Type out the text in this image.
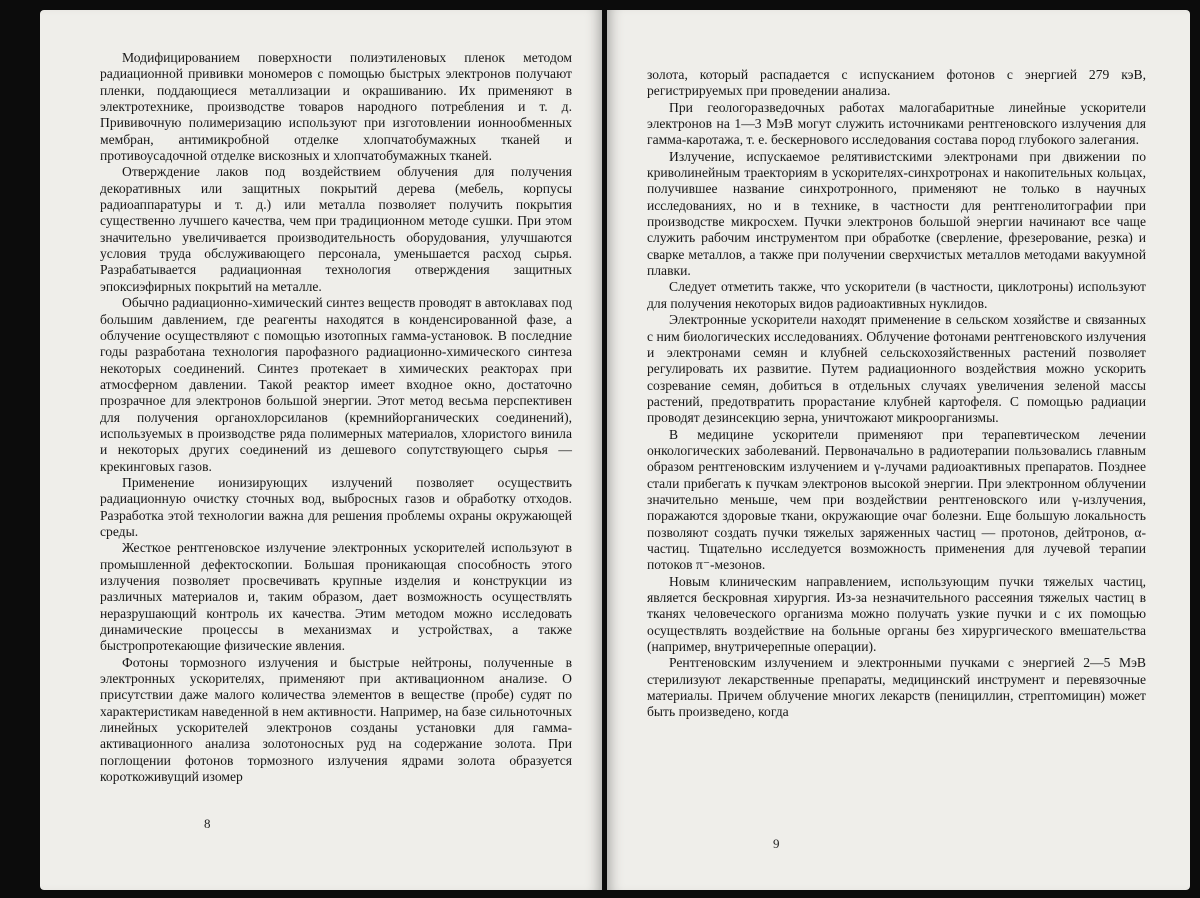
Модифицированием поверхности полиэтиленовых пленок методом радиационной прививки мономеров с помощью быстрых электронов получают пленки, поддающиеся металлизации и окрашиванию. Их применяют в электротехнике, производстве товаров народного потребления и т. д. Прививочную полимеризацию используют при изготовлении ионнообменных мембран, антимикробной отделке хлопчатобумажных тканей и противоусадочной отделке вискозных и хлопчатобумажных тканей.

Отверждение лаков под воздействием облучения для получения декоративных или защитных покрытий дерева (мебель, корпусы радиоаппаратуры и т. д.) или металла позволяет получить покрытия существенно лучшего качества, чем при традиционном методе сушки. При этом значительно увеличивается производительность оборудования, улучшаются условия труда обслуживающего персонала, уменьшается расход сырья. Разрабатывается радиационная технология отверждения защитных эпоксиэфирных покрытий на металле.

Обычно радиационно-химический синтез веществ проводят в автоклавах под большим давлением, где реагенты находятся в конденсированной фазе, а облучение осуществляют с помощью изотопных гамма-установок. В последние годы разработана технология парофазного радиационно-химического синтеза некоторых соединений. Синтез протекает в химических реакторах при атмосферном давлении. Такой реактор имеет входное окно, достаточно прозрачное для электронов большой энергии. Этот метод весьма перспективен для получения органохлорсиланов (кремнийорганических соединений), используемых в производстве ряда полимерных материалов, хлористого винила и некоторых других соединений из дешевого сопутствующего сырья — крекинговых газов.

Применение ионизирующих излучений позволяет осуществить радиационную очистку сточных вод, выбросных газов и обработку отходов. Разработка этой технологии важна для решения проблемы охраны окружающей среды.

Жесткое рентгеновское излучение электронных ускорителей используют в промышленной дефектоскопии. Большая проникающая способность этого излучения позволяет просвечивать крупные изделия и конструкции из различных материалов и, таким образом, дает возможность осуществлять неразрушающий контроль их качества. Этим методом можно исследовать динамические процессы в механизмах и устройствах, а также быстропротекающие физические явления.

Фотоны тормозного излучения и быстрые нейтроны, полученные в электронных ускорителях, применяют при активационном анализе. О присутствии даже малого количества элементов в веществе (пробе) судят по характеристикам наведенной в нем активности. Например, на базе сильноточных линейных ускорителей электронов созданы установки для гамма-активационного анализа золотоносных руд на содержание золота. При поглощении фотонов тормозного излучения ядрами золота образуется короткоживущий изомер

8

золота, который распадается с испусканием фотонов с энергией 279 кэВ, регистрируемых при проведении анализа.

При геологоразведочных работах малогабаритные линейные ускорители электронов на 1—3 МэВ могут служить источниками рентгеновского излучения для гамма-каротажа, т. е. бескернового исследования состава пород глубокого залегания.

Излучение, испускаемое релятивистскими электронами при движении по криволинейным траекториям в ускорителях-синхротронах и накопительных кольцах, получившее название синхротронного, применяют не только в научных исследованиях, но и в технике, в частности для рентгенолитографии при производстве микросхем. Пучки электронов большой энергии начинают все чаще служить рабочим инструментом при обработке (сверление, фрезерование, резка) и сварке металлов, а также при получении сверхчистых металлов методами вакуумной плавки.

Следует отметить также, что ускорители (в частности, циклотроны) используют для получения некоторых видов радиоактивных нуклидов.

Электронные ускорители находят применение в сельском хозяйстве и связанных с ним биологических исследованиях. Облучение фотонами рентгеновского излучения и электронами семян и клубней сельскохозяйственных растений позволяет регулировать их развитие. Путем радиационного воздействия можно ускорить созревание семян, добиться в отдельных случаях увеличения зеленой массы растений, предотвратить прорастание клубней картофеля. С помощью радиации проводят дезинсекцию зерна, уничтожают микроорганизмы.

В медицине ускорители применяют при терапевтическом лечении онкологических заболеваний. Первоначально в радиотерапии пользовались главным образом рентгеновским излучением и γ-лучами радиоактивных препаратов. Позднее стали прибегать к пучкам электронов высокой энергии. При электронном облучении значительно меньше, чем при воздействии рентгеновского или γ-излучения, поражаются здоровые ткани, окружающие очаг болезни. Еще большую локальность позволяют создать пучки тяжелых заряженных частиц — протонов, дейтронов, α-частиц. Тщательно исследуется возможность применения для лучевой терапии потоков π⁻-мезонов.

Новым клиническим направлением, использующим пучки тяжелых частиц, является бескровная хирургия. Из-за незначительного рассеяния тяжелых частиц в тканях человеческого организма можно получать узкие пучки и с их помощью осуществлять воздействие на больные органы без хирургического вмешательства (например, внутричерепные операции).

Рентгеновским излучением и электронными пучками с энергией 2—5 МэВ стерилизуют лекарственные препараты, медицинский инструмент и перевязочные материалы. Причем облучение многих лекарств (пенициллин, стрептомицин) может быть произведено, когда

9
